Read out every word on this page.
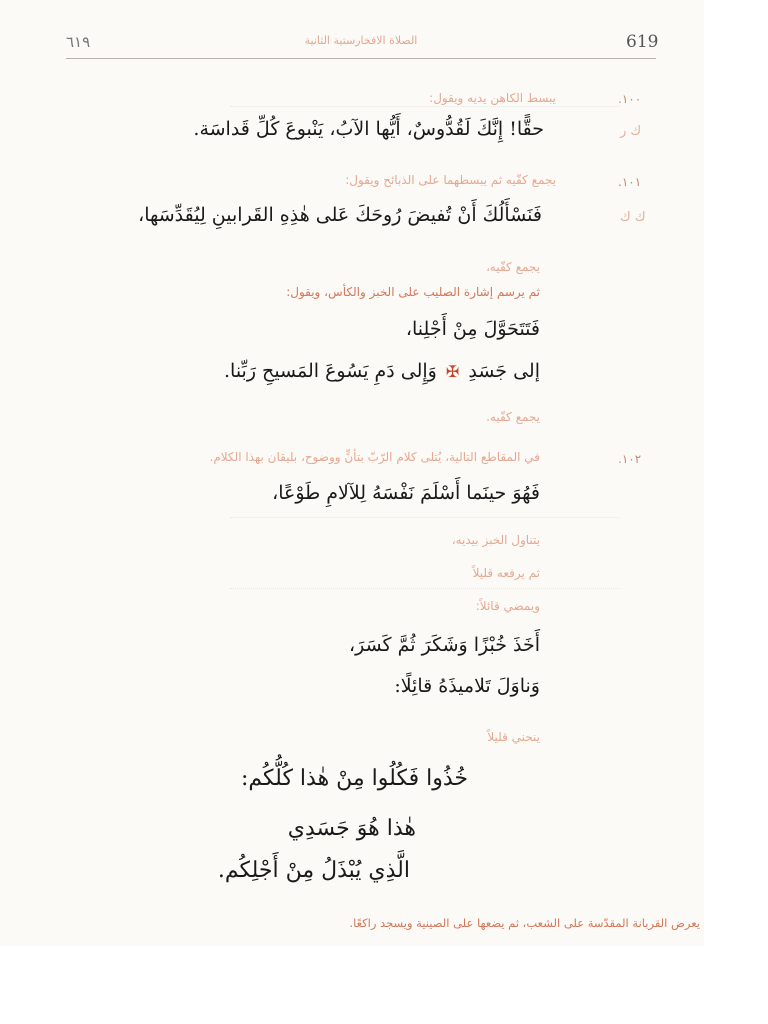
٦١٩	الصلاة الافخارستية الثانية	619
١٠٠.
يبسط الكاهن يديه ويقول:
ك ر
حقًّا! إِنَّكَ لَقُدُّوسٌ، أَيُّها الآبُ، يَنْبوعَ كُلِّ قَداسَة.
١٠١.
يجمع كفّيه ثم يبسطهما على الذبائح ويقول:
ك ك
فَنَسْأَلُكَ أَنْ تُفيضَ رُوحَكَ عَلى هٰذِهِ القَرابينِ لِيُقَدِّسَها،
يجمع كفّيه،
ثم يرسم إشارة الصليب على الخبز والكأس، ويقول:
فَتَتَحَوَّلَ مِنْ أَجْلِنا،
إلى جَسَدِ ✠ وَإِلى دَمِ يَسُوعَ المَسيحِ رَبِّنا.
يجمع كفّيه.
١٠٢.
في المقاطع التالية، يُتلى كلام الرّبّ بتأنٍّ ووضوح، بليقان بهذا الكلام.
فَهُوَ حينَما أَسْلَمَ نَفْسَهُ لِلآلامِ طَوْعًا،
يتناول الخبز بيديه،
ثم يرفعه قليلاً
ويمضي قائلاً:
أَخَذَ خُبْزًا وَشَكَرَ ثُمَّ كَسَرَ،
وَناوَلَ تَلاميذَهُ قائِلًا:
ينحني قليلاً
خُذُوا فَكُلُوا مِنْ هٰذا كُلُّكُم:
هٰذا هُوَ جَسَدِي
الَّذِي يُبْذَلُ مِنْ أَجْلِكُم.
يعرض القربانة المقدّسة على الشعب، ثم يضعها على الصينية ويسجد راكعًا.
